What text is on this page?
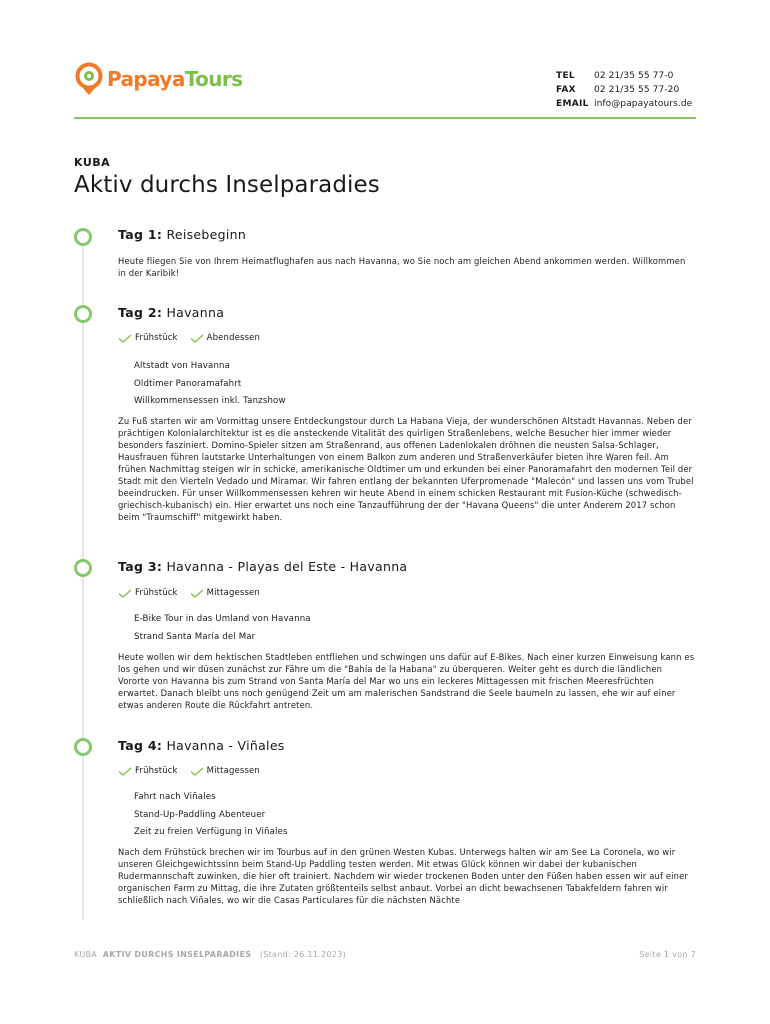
PapayaTours	TEL	02 21/35 55 77-0
FAX	02 21/35 55 77-20
EMAIL info@papayatours.de
KUBA
Aktiv durchs Inselparadies
Tag 1: Reisebeginn
Heute fliegen Sie von Ihrem Heimatflughafen aus nach Havanna, wo Sie noch am gleichen Abend ankommen werden. Willkommen in der Karibik!
Tag 2: Havanna
Frühstück	Abendessen
Altstadt von Havanna
Oldtimer Panoramafahrt
Willkommensessen inkl. Tanzshow
Zu Fuß starten wir am Vormittag unsere Entdeckungstour durch La Habana Vieja, der wunderschönen Altstadt Havannas. Neben der prächtigen Kolonialarchitektur ist es die ansteckende Vitalität des quirligen Straßenlebens, welche Besucher hier immer wieder besonders fasziniert. Domino-Spieler sitzen am Straßenrand, aus offenen Ladenlokalen dröhnen die neusten Salsa-Schlager, Hausfrauen führen lautstarke Unterhaltungen von einem Balkon zum anderen und Straßenverkäufer bieten ihre Waren feil. Am frühen Nachmittag steigen wir in schicke, amerikanische Oldtimer um und erkunden bei einer Panoramafahrt den modernen Teil der Stadt mit den Vierteln Vedado und Miramar. Wir fahren entlang der bekannten Uferpromenade "Malecón" und lassen uns vom Trubel beeindrucken. Für unser Willkommensessen kehren wir heute Abend in einem schicken Restaurant mit Fusion-Küche (schwedisch-griechisch-kubanisch) ein. Hier erwartet uns noch eine Tanzaufführung der der "Havana Queens" die unter Anderem 2017 schon beim "Traumschiff" mitgewirkt haben.
Tag 3: Havanna - Playas del Este - Havanna
Frühstück	Mittagessen
E-Bike Tour in das Umland von Havanna
Strand Santa María del Mar
Heute wollen wir dem hektischen Stadtleben entfliehen und schwingen uns dafür auf E-Bikes. Nach einer kurzen Einweisung kann es los gehen und wir düsen zunächst zur Fähre um die "Bahía de la Habana" zu überqueren. Weiter geht es durch die ländlichen Vororte von Havanna bis zum Strand von Santa María del Mar wo uns ein leckeres Mittagessen mit frischen Meeresfrüchten erwartet. Danach bleibt uns noch genügend Zeit um am malerischen Sandstrand die Seele baumeln zu lassen, ehe wir auf einer etwas anderen Route die Rückfahrt antreten.
Tag 4: Havanna - Viñales
Frühstück	Mittagessen
Fahrt nach Viñales
Stand-Up-Paddling Abenteuer
Zeit zu freien Verfügung in Viñales
Nach dem Frühstück brechen wir im Tourbus auf in den grünen Westen Kubas. Unterwegs halten wir am See La Coronela, wo wir unseren Gleichgewichtssinn beim Stand-Up Paddling testen werden. Mit etwas Glück können wir dabei der kubanischen Rudermannschaft zuwinken, die hier oft trainiert. Nachdem wir wieder trockenen Boden unter den Füßen haben essen wir auf einer organischen Farm zu Mittag, die ihre Zutaten größtenteils selbst anbaut. Vorbei an dicht bewachsenen Tabakfeldern fahren wir schließlich nach Viñales, wo wir die Casas Particulares für die nächsten Nächte
KUBA AKTIV DURCHS INSELPARADIES (Stand: 26.11.2023)	Seite 1 von 7
